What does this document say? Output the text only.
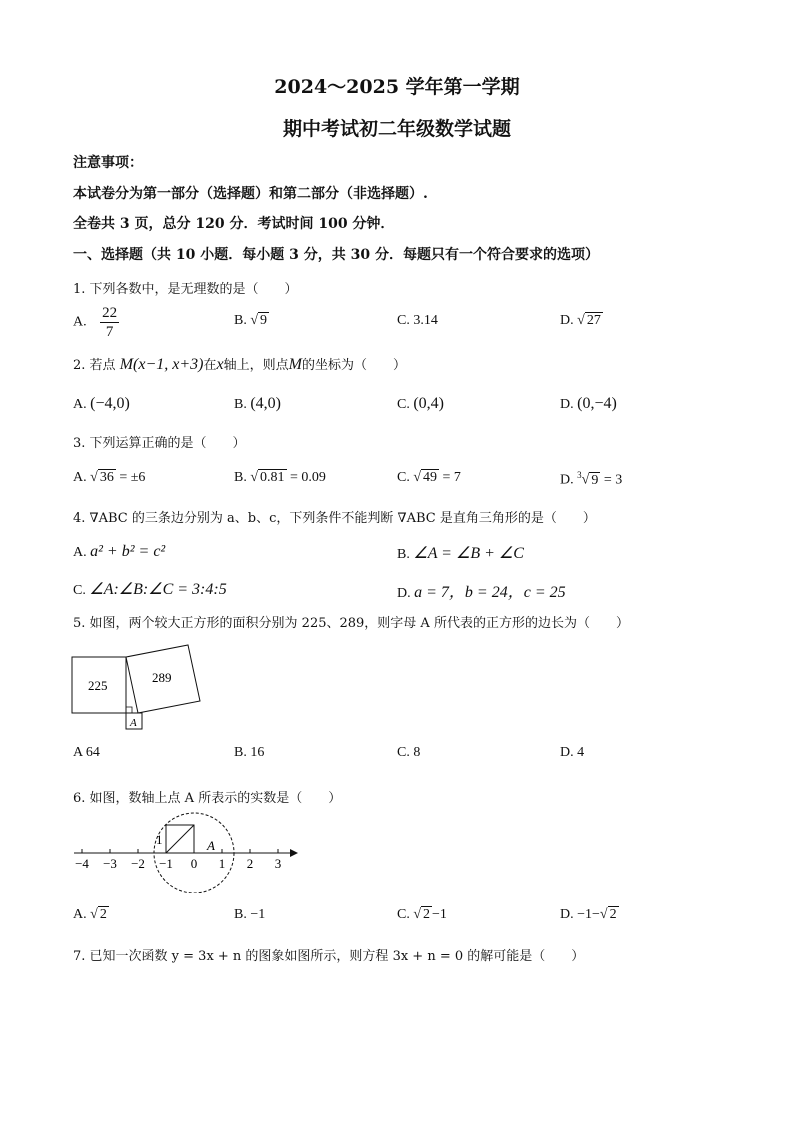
2024～2025 学年第一学期
期中考试初二年级数学试题
注意事项：
本试卷分为第一部分（选择题）和第二部分（非选择题）.
全卷共 3 页，总分 120 分．考试时间 100 分钟．
一、选择题（共 10 小题．每小题 3 分，共 30 分．每题只有一个符合要求的选项）
1. 下列各数中，是无理数的是（　　）
A. $\frac{22}{7}$	B. √ 9	C. 3.14	D. √ 27
2. 若点 M(x−1, x+3)在x轴上，则点M的坐标为（　　）
A. (−4,0)	B. (4,0)	C. (0,4)	D. (0,−4)
3. 下列运算正确的是（　　）
A. √ 36 = ±6	B. √ 0.81 = 0.09	C. √ 49 = 7	D. $^3$√ 9 = 3
4. ∇ABC 的三条边分别为 a、b、c，下列条件不能判断 ∇ABC 是直角三角形的是（　　）
A. a² + b² = c²	B. ∠A = ∠B + ∠C
C. ∠A:∠B:∠C = 3:4:5	D. a = 7，b = 24，c = 25
5. 如图，两个较大正方形的面积分别为 225、289，则字母 A 所代表的正方形的边长为（　　）
225
289
A
A 64	B. 16	C. 8	D. 4
6. 如图，数轴上点 A 所表示的实数是（　　）
−4 −3 −2 −1 0 1 2 3
1	A
A. √ 2	B. −1	C. √ 2 −1	D. −1−√ 2
7. 已知一次函数 y = 3x + n 的图象如图所示，则方程 3x + n = 0 的解可能是（　　）
